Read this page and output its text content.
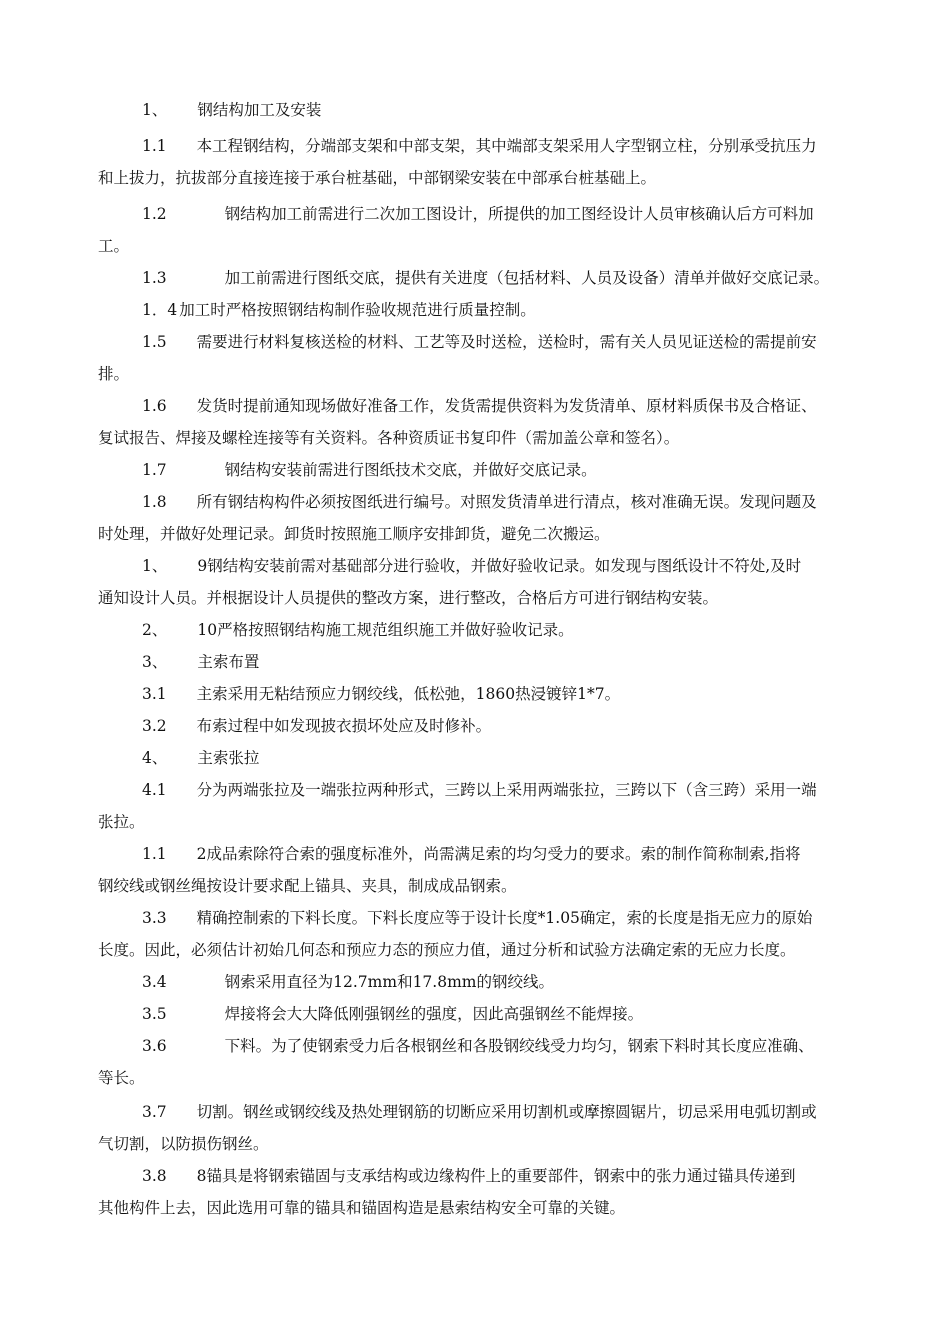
1、 钢结构加工及安装
1.1 本工程钢结构，分端部支架和中部支架，其中端部支架采用人字型钢立柱，分别承受抗压力
和上拔力，抗拔部分直接连接于承台桩基础，中部钢梁安装在中部承台桩基础上。
1.2	钢结构加工前需进行二次加工图设计，所提供的加工图经设计人员审核确认后方可料加
工。
1.3	加工前需进行图纸交底，提供有关进度（包括材料、人员及设备）清单并做好交底记录。
1．4 加工时严格按照钢结构制作验收规范进行质量控制。
1.5 需要进行材料复核送检的材料、工艺等及时送检，送检时，需有关人员见证送检的需提前安
排。
1.6 发货时提前通知现场做好准备工作，发货需提供资料为发货清单、原材料质保书及合格证、
复试报告、焊接及螺栓连接等有关资料。各种资质证书复印件（需加盖公章和签名）。
1.7	钢结构安装前需进行图纸技术交底，并做好交底记录。
1.8 所有钢结构构件必须按图纸进行编号。对照发货清单进行清点，核对准确无误。发现问题及
时处理，并做好处理记录。卸货时按照施工顺序安排卸货，避免二次搬运。
1、 9钢结构安装前需对基础部分进行验收，并做好验收记录。如发现与图纸设计不符处,及时
通知设计人员。并根据设计人员提供的整改方案，进行整改，合格后方可进行钢结构安装。
2、 10严格按照钢结构施工规范组织施工并做好验收记录。
3、 主索布置
3.1 主索采用无粘结预应力钢绞线，低松弛，1860热浸镀锌1*7。
3.2 布索过程中如发现披衣损坏处应及时修补。
4、 主索张拉
4.1 分为两端张拉及一端张拉两种形式，三跨以上采用两端张拉，三跨以下（含三跨）采用一端
张拉。
1.1 2成品索除符合索的强度标准外，尚需满足索的均匀受力的要求。索的制作简称制索,指将
钢绞线或钢丝绳按设计要求配上锚具、夹具，制成成品钢索。
3.3 精确控制索的下料长度。下料长度应等于设计长度*1.05确定，索的长度是指无应力的原始
长度。因此，必须估计初始几何态和预应力态的预应力值，通过分析和试验方法确定索的无应力长度。
3.4	钢索采用直径为12.7mm和17.8mm的钢绞线。
3.5	焊接将会大大降低刚强钢丝的强度，因此高强钢丝不能焊接。
3.6	下料。为了使钢索受力后各根钢丝和各股钢绞线受力均匀，钢索下料时其长度应准确、
等长。
3.7 切割。钢丝或钢绞线及热处理钢筋的切断应采用切割机或摩擦圆锯片，切忌采用电弧切割或
气切割，以防损伤钢丝。
3.8 8锚具是将钢索锚固与支承结构或边缘构件上的重要部件，钢索中的张力通过锚具传递到
其他构件上去，因此选用可靠的锚具和锚固构造是悬索结构安全可靠的关键。
